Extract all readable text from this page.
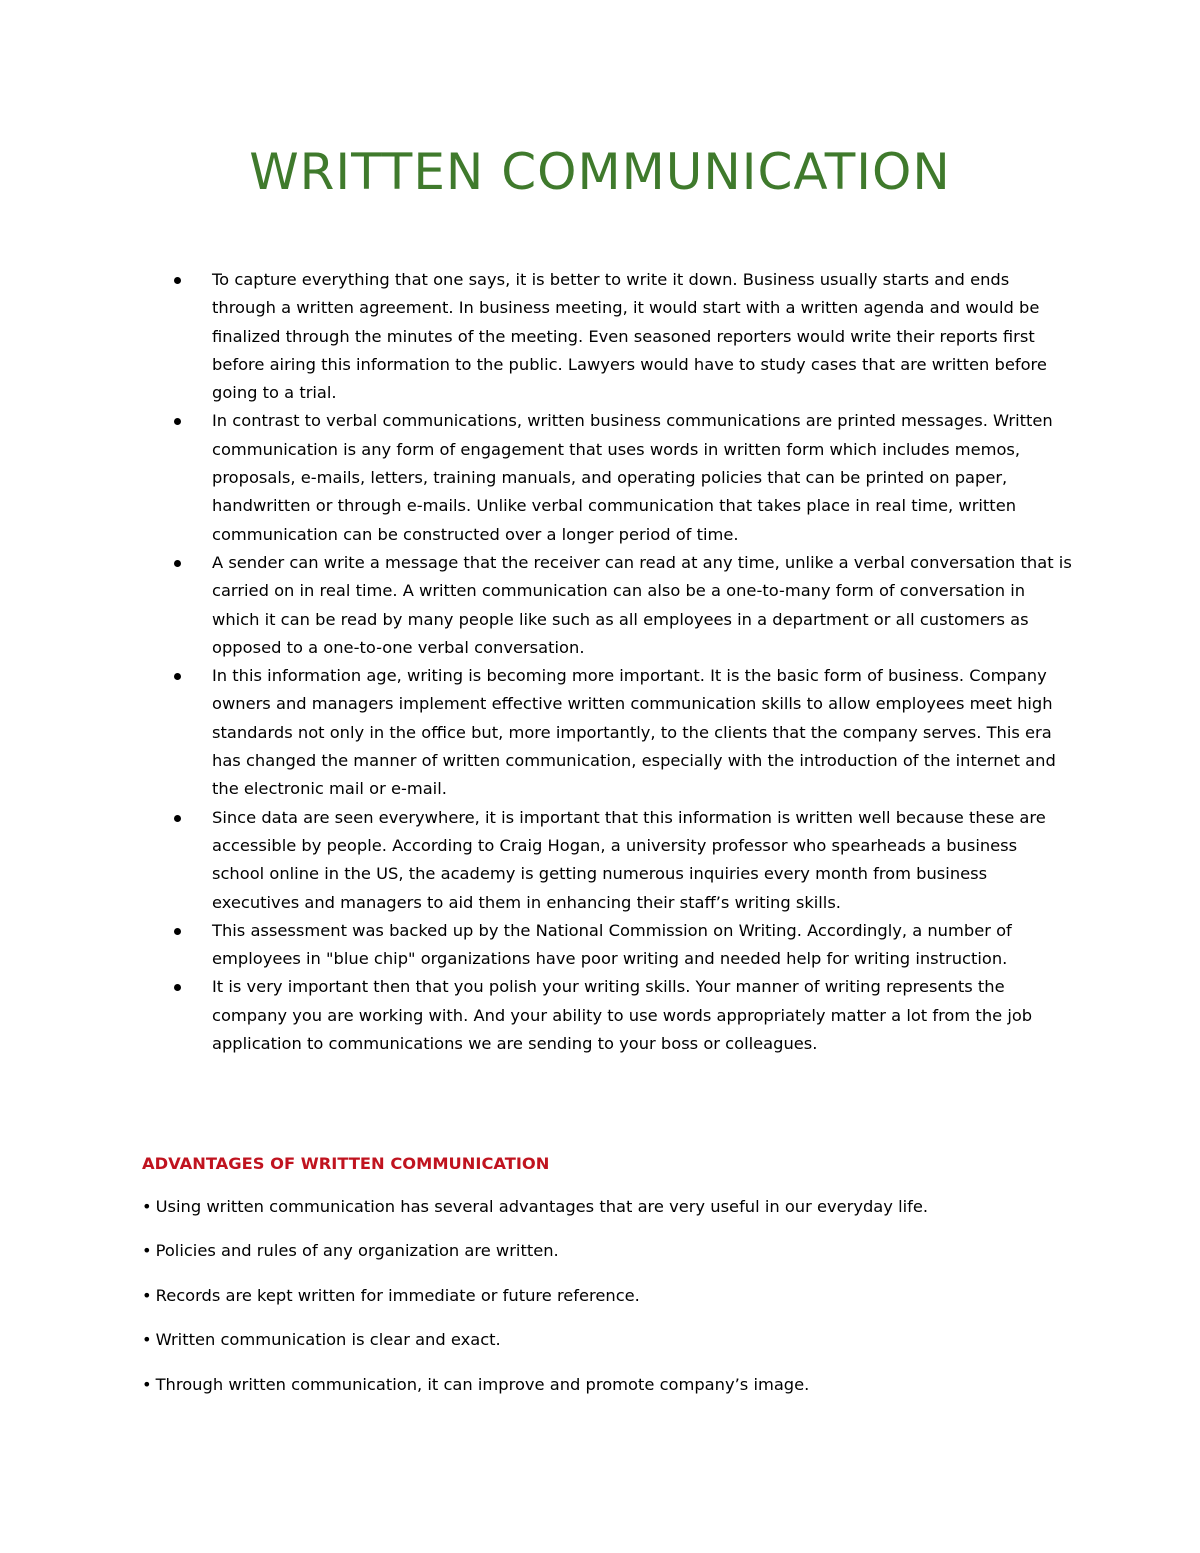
WRITTEN COMMUNICATION
To capture everything that one says, it is better to write it down. Business usually starts and ends through a written agreement. In business meeting, it would start with a written agenda and would be finalized through the minutes of the meeting. Even seasoned reporters would write their reports first before airing this information to the public. Lawyers would have to study cases that are written before going to a trial.
In contrast to verbal communications, written business communications are printed messages. Written communication is any form of engagement that uses words in written form which includes memos, proposals, e-mails, letters, training manuals, and operating policies that can be printed on paper, handwritten or through e-mails. Unlike verbal communication that takes place in real time, written communication can be constructed over a longer period of time.
A sender can write a message that the receiver can read at any time, unlike a verbal conversation that is carried on in real time. A written communication can also be a one-to-many form of conversation in which it can be read by many people like such as all employees in a department or all customers as opposed to a one-to-one verbal conversation.
In this information age, writing is becoming more important. It is the basic form of business. Company owners and managers implement effective written communication skills to allow employees meet high standards not only in the office but, more importantly, to the clients that the company serves. This era has changed the manner of written communication, especially with the introduction of the internet and the electronic mail or e-mail.
Since data are seen everywhere, it is important that this information is written well because these are accessible by people. According to Craig Hogan, a university professor who spearheads a business school online in the US, the academy is getting numerous inquiries every month from business executives and managers to aid them in enhancing their staff’s writing skills.
This assessment was backed up by the National Commission on Writing. Accordingly, a number of employees in "blue chip" organizations have poor writing and needed help for writing instruction.
It is very important then that you polish your writing skills. Your manner of writing represents the company you are working with. And your ability to use words appropriately matter a lot from the job application to communications we are sending to your boss or colleagues.
ADVANTAGES OF WRITTEN COMMUNICATION
• Using written communication has several advantages that are very useful in our everyday life.
• Policies and rules of any organization are written.
• Records are kept written for immediate or future reference.
• Written communication is clear and exact.
• Through written communication, it can improve and promote company’s image.
